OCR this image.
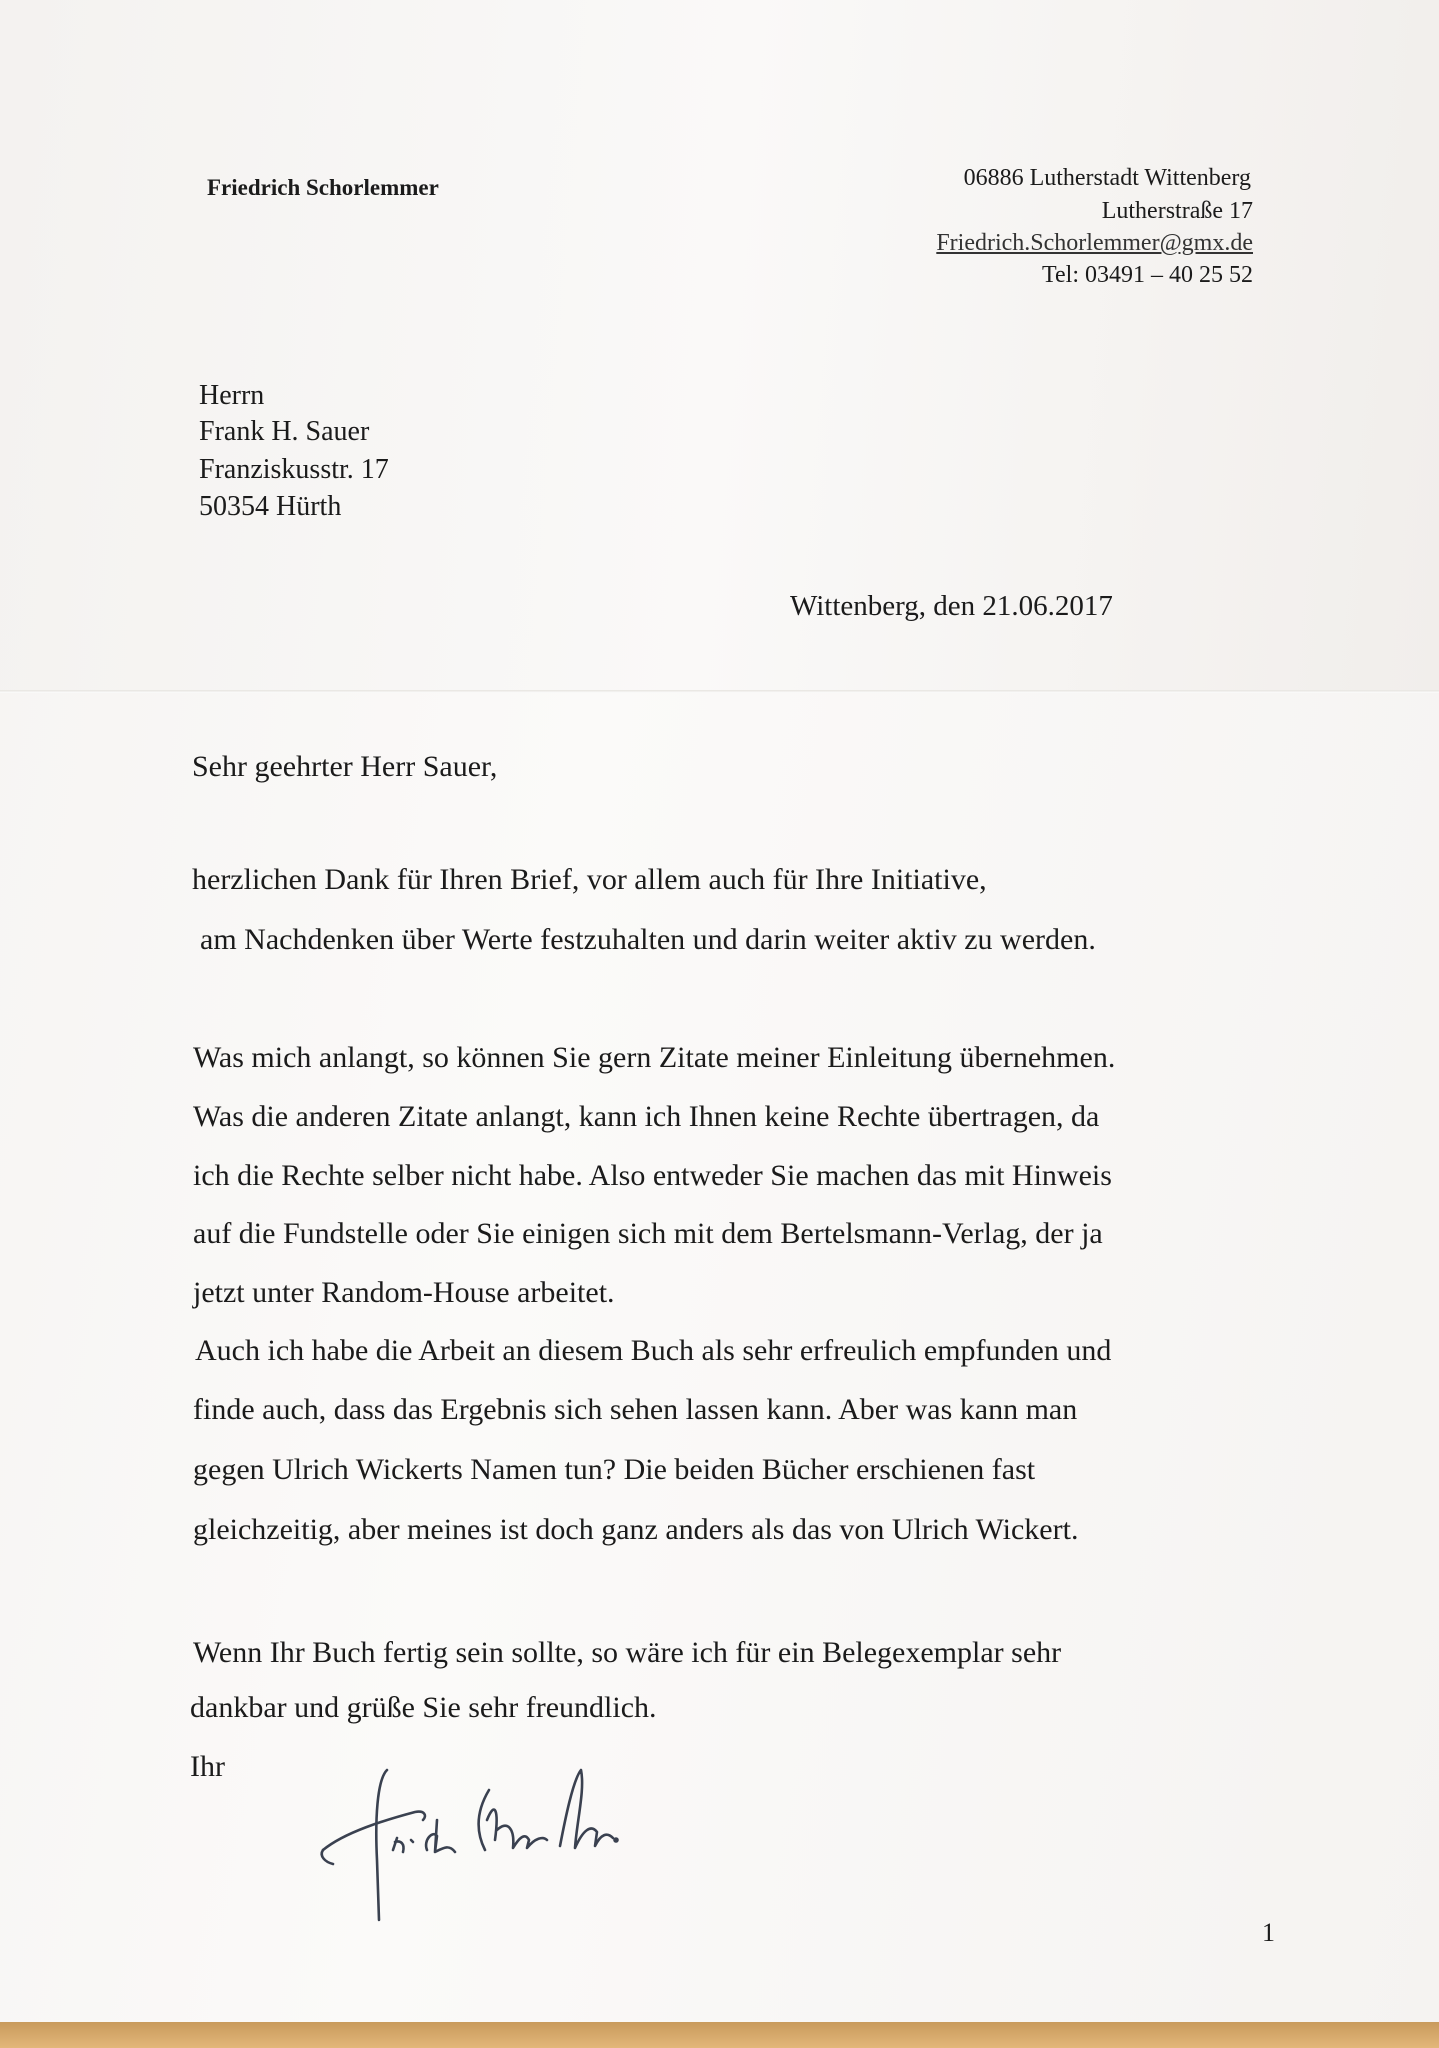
Friedrich Schorlemmer	06886 Lutherstadt Wittenberg
Lutherstraße 17
Friedrich.Schorlemmer@gmx.de
Tel: 03491 – 40 25 52
Herrn
Frank H. Sauer
Franziskusstr. 17
50354 Hürth
Wittenberg, den 21.06.2017
Sehr geehrter Herr Sauer,
herzlichen Dank für Ihren Brief, vor allem auch für Ihre Initiative,
am Nachdenken über Werte festzuhalten und darin weiter aktiv zu werden.
Was mich anlangt, so können Sie gern Zitate meiner Einleitung übernehmen.
Was die anderen Zitate anlangt, kann ich Ihnen keine Rechte übertragen, da
ich die Rechte selber nicht habe. Also entweder Sie machen das mit Hinweis
auf die Fundstelle oder Sie einigen sich mit dem Bertelsmann-Verlag, der ja
jetzt unter Random-House arbeitet.
Auch ich habe die Arbeit an diesem Buch als sehr erfreulich empfunden und
finde auch, dass das Ergebnis sich sehen lassen kann. Aber was kann man
gegen Ulrich Wickerts Namen tun? Die beiden Bücher erschienen fast
gleichzeitig, aber meines ist doch ganz anders als das von Ulrich Wickert.
Wenn Ihr Buch fertig sein sollte, so wäre ich für ein Belegexemplar sehr
dankbar und grüße Sie sehr freundlich.
Ihr
1
